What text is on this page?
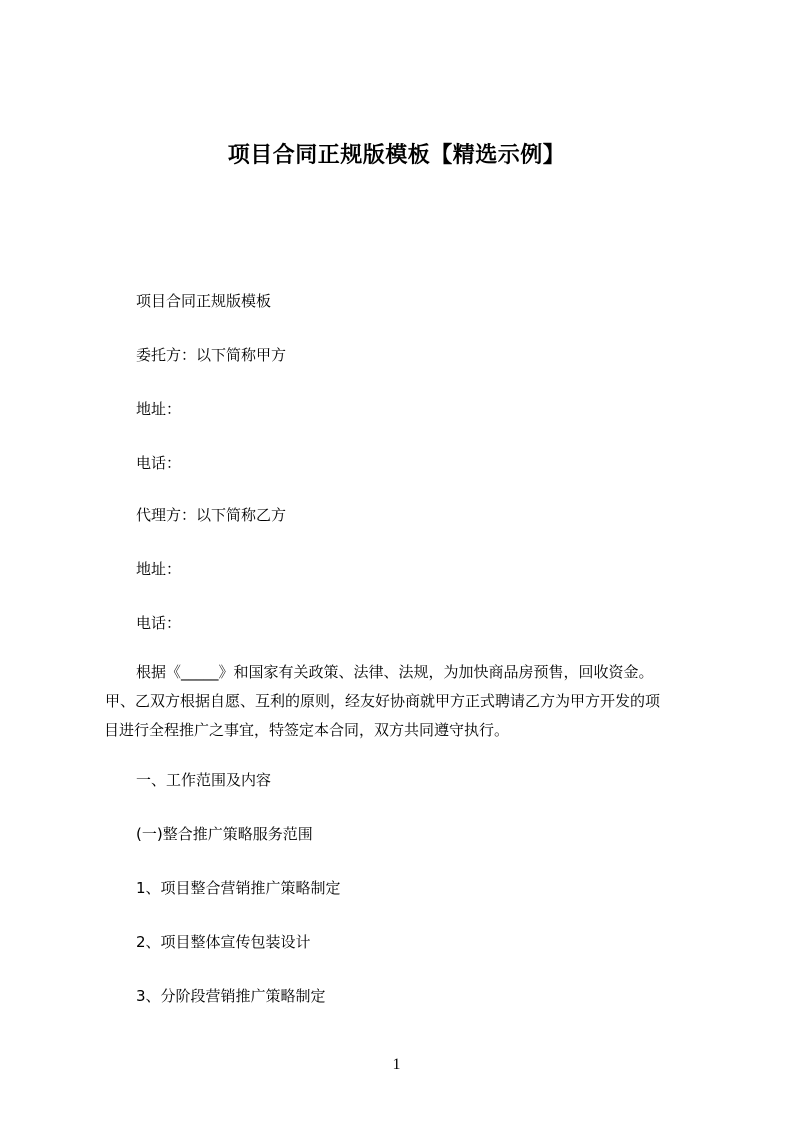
项目合同正规版模板【精选示例】
项目合同正规版模板
委托方：以下简称甲方
地址：
电话：
代理方：以下简称乙方
地址：
电话：
根据《_____》和国家有关政策、法律、法规，为加快商品房预售，回收资金。
甲、乙双方根据自愿、互利的原则，经友好协商就甲方正式聘请乙方为甲方开发的项
目进行全程推广之事宜，特签定本合同，双方共同遵守执行。
一、工作范围及内容
(一)整合推广策略服务范围
1、项目整合营销推广策略制定
2、项目整体宣传包装设计
3、分阶段营销推广策略制定
1
